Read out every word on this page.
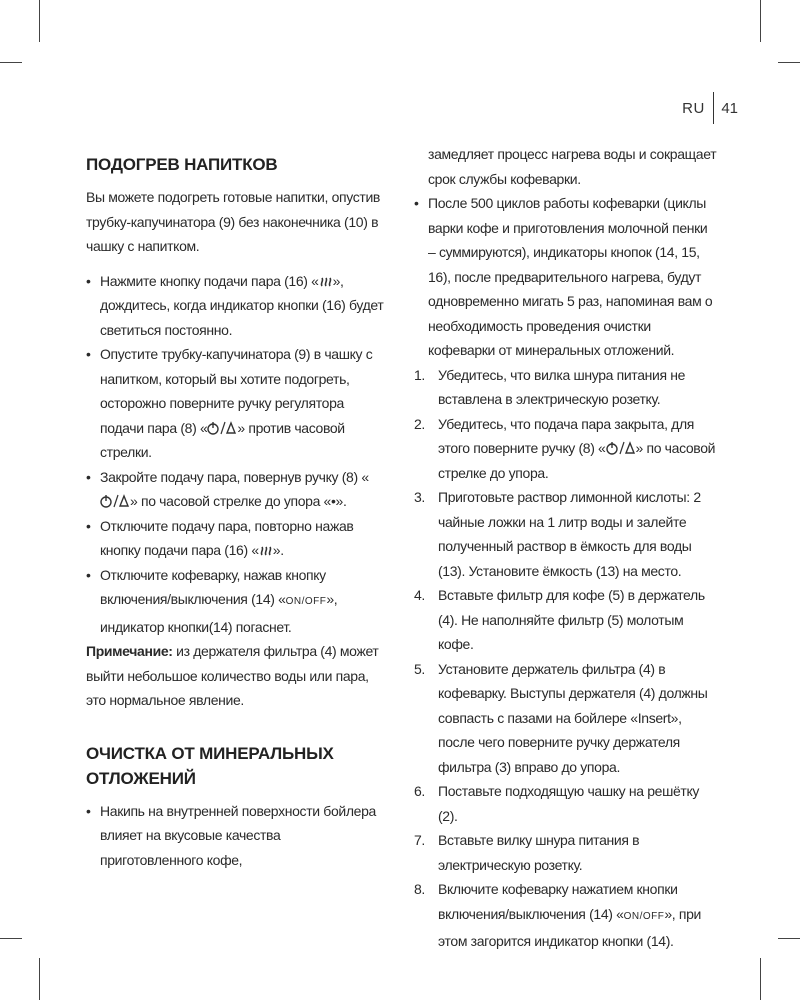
RU 41
ПОДОГРЕВ НАПИТКОВ

Вы можете подогреть готовые напитки, опустив трубку-капучинатора (9) без наконечника (10) в чашку с напитком.

• Нажмите кнопку подачи пара (16) « », дождитесь, когда индикатор кнопки (16) будет светиться постоянно.
• Опустите трубку-капучинатора (9) в чашку с напитком, который вы хотите подогреть, осторожно поверните ручку регулятора подачи пара (8) « » против часовой стрелки.
• Закройте подачу пара, повернув ручку (8) «» по часовой стрелке до упора «•».
• Отключите подачу пара, повторно нажав кнопку подачи пара (16) « ».
• Отключите кофеварку, нажав кнопку включения/выключения (14) «ON/OFF», индикатор кнопки(14) погаснет.

Примечание: из держателя фильтра (4) может выйти небольшое количество воды или пара, это нормальное явление.

ОЧИСТКА ОТ МИНЕРАЛЬНЫХ ОТЛОЖЕНИЙ
• Накипь на внутренней поверхности бойлера влияет на вкусовые качества приготовленного кофе,

замедляет процесс нагрева воды и сокращает срок службы кофеварки.

• После 500 циклов работы кофеварки (циклы варки кофе и приготовления молочной пенки – суммируются), индикаторы кнопок (14, 15, 16), после предварительного нагрева, будут одновременно мигать 5 раз, напоминая вам о необходимость проведения очистки кофеварки от минеральных отложений.
1. Убедитесь, что вилка шнура питания не вставлена в электрическую розетку.
2. Убедитесь, что подача пара закрыта, для этого поверните ручку (8) « » по часовой стрелке до упора.
3. Приготовьте раствор лимонной кислоты: 2 чайные ложки на 1 литр воды и залейте полученный раствор в ёмкость для воды (13). Установите ёмкость (13) на место.
4. Вставьте фильтр для кофе (5) в держатель (4). Не наполняйте фильтр (5) молотым кофе.
5. Установите держатель фильтра (4) в кофеварку. Выступы держателя (4) должны совпасть с пазами на бойлере «Insert», после чего поверните ручку держателя фильтра (3) вправо до упора.
6. Поставьте подходящую чашку на решётку (2).
7. Вставьте вилку шнура питания в электрическую розетку.
8. Включите кофеварку нажатием кнопки включения/выключения (14) «ON/OFF», при этом загорится индикатор кнопки (14).
